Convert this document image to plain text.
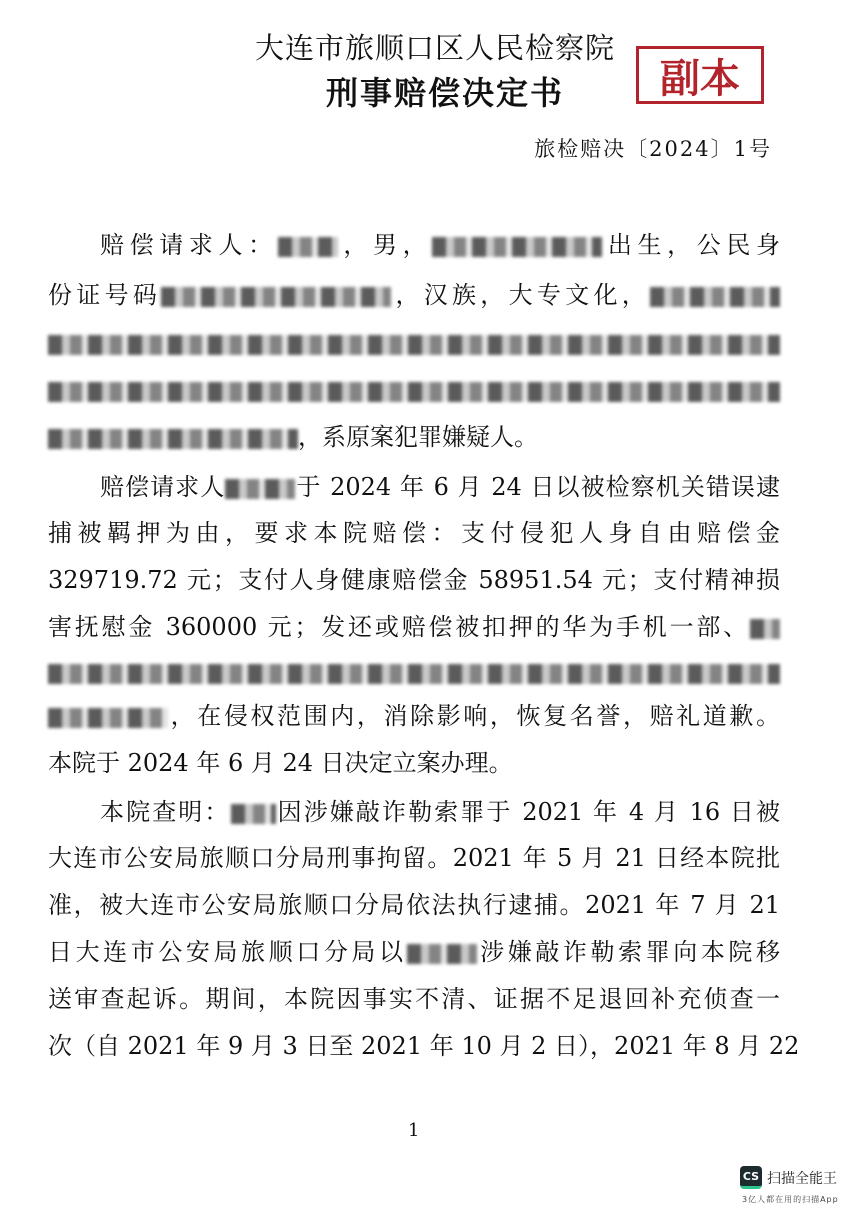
大连市旅顺口区人民检察院
刑事赔偿决定书	副本
旅检赔决〔2024〕1号
赔偿请求人：	，男，	出生，公民身
份证号码	，汉族，大专文化，
，系原案犯罪嫌疑人。
赔偿请求人	于 2024 年 6 月 24 日以被检察机关错误逮
捕被羁押为由，要求本院赔偿：支付侵犯人身自由赔偿金
329719.72 元；支付人身健康赔偿金 58951.54 元；支付精神损
害抚慰金 360000 元；发还或赔偿被扣押的华为手机一部、
，在侵权范围内，消除影响，恢复名誉，赔礼道歉。
本院于 2024 年 6 月 24 日决定立案办理。
本院查明： 因涉嫌敲诈勒索罪于 2021 年 4 月 16 日被
大连市公安局旅顺口分局刑事拘留。2021 年 5 月 21 日经本院批
准，被大连市公安局旅顺口分局依法执行逮捕。2021 年 7 月 21
日大连市公安局旅顺口分局以	涉嫌敲诈勒索罪向本院移
送审查起诉。期间，本院因事实不清、证据不足退回补充侦查一
次（自 2021 年 9 月 3 日至 2021 年 10 月 2 日），2021 年 8 月 22
1
CS 扫描全能王
3亿人都在用的扫描App
